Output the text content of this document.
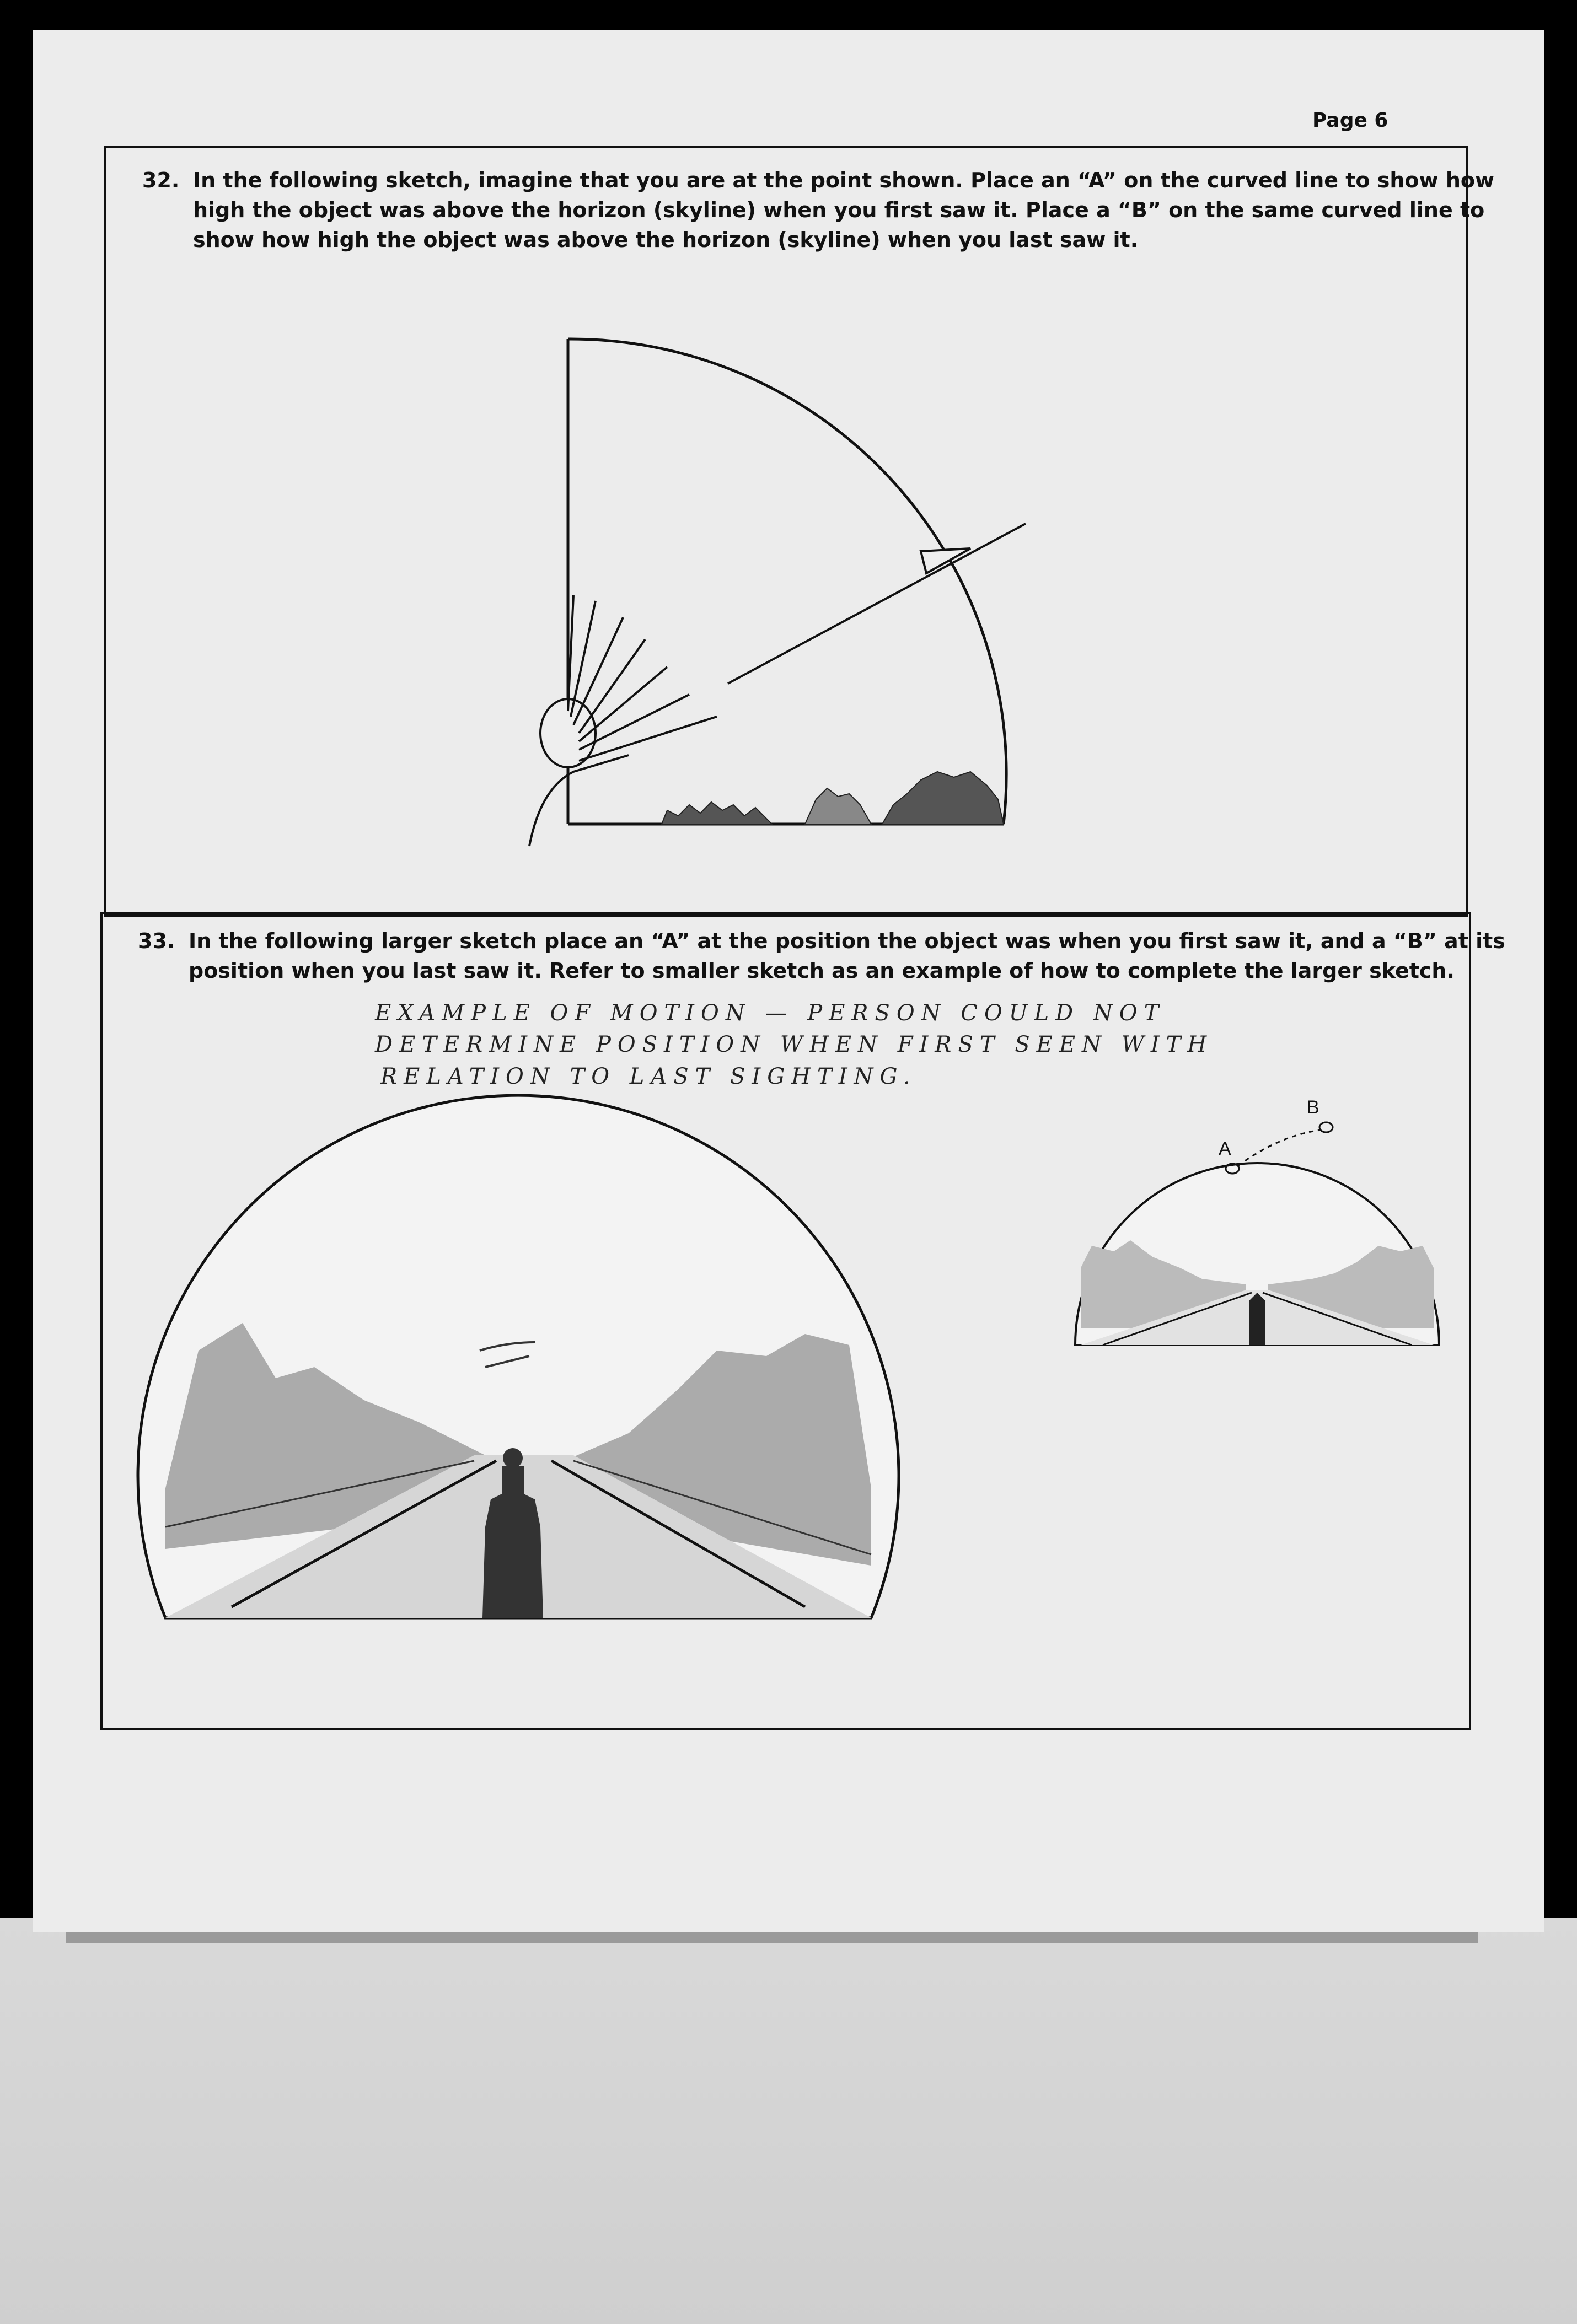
Page 6
32. In the following sketch, imagine that you are at the point shown. Place an “A” on the curved line to show how
high the object was above the horizon (skyline) when you first saw it. Place a “B” on the same curved line to
show how high the object was above the horizon (skyline) when you last saw it.
33. In the following larger sketch place an “A” at the position the object was when you first saw it, and a “B” at its
position when you last saw it. Refer to smaller sketch as an example of how to complete the larger sketch.
EXAMPLE OF MOTION — PERSON COULD NOT
DETERMINE POSITION WHEN FIRST SEEN WITH
RELATION TO LAST SIGHTING.
A
B
